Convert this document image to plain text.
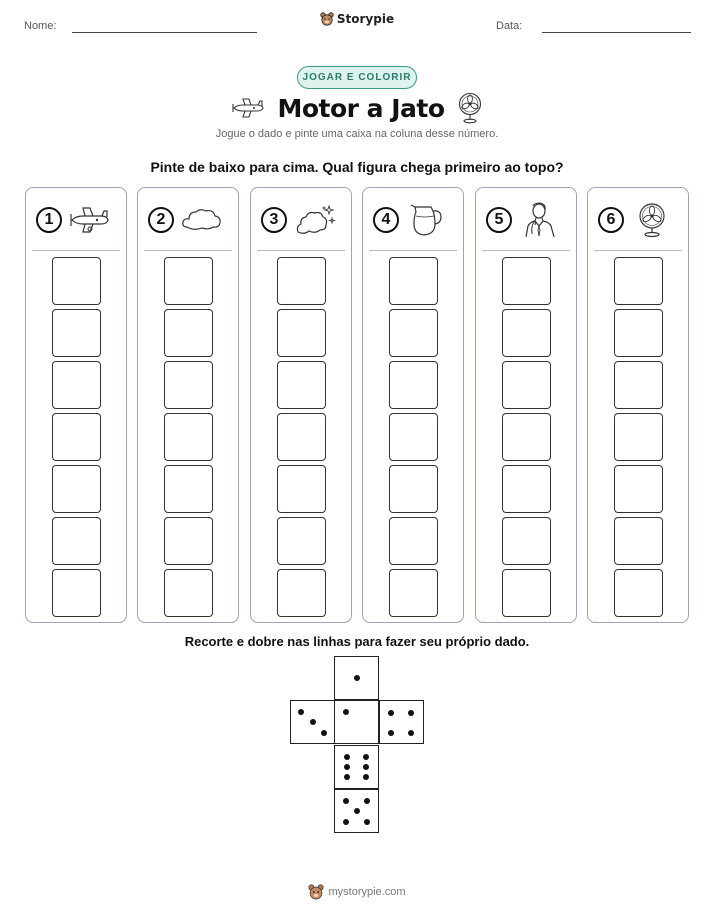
Nome:	Storypie	Data:
JOGAR E COLORIR
Motor a Jato
Jogue o dado e pinte uma caixa na coluna desse número.
Pinte de baixo para cima. Qual figura chega primeiro ao topo?
1	2	3	4	5	6
Recorte e dobre nas linhas para fazer seu próprio dado.
mystorypie.com
